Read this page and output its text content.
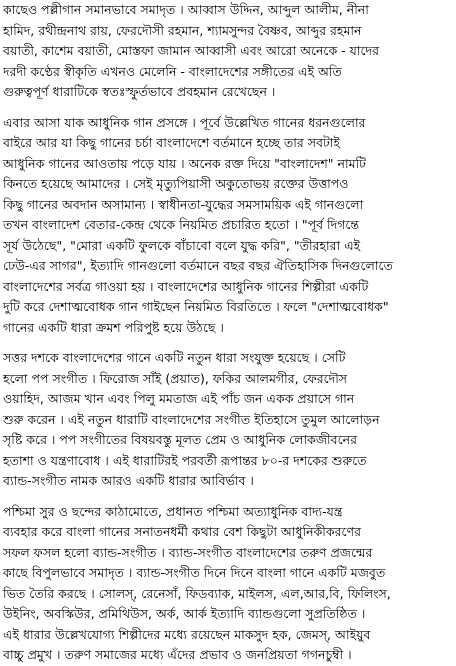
কাছেও পল্লীগান সমানভাবে সমাদৃত । আব্বাস উদ্দিন, আব্দুল আলীম, নীনা
হামিদ, রথীন্দ্রনাথ রায়, ফেরদৌসী রহমান, শ্যামসুন্দর বৈষ্ণব, আব্দুর রহমান
বয়াতী, কাশেম বয়াতী, মোস্তফা জামান আব্বাসী এবং আরো অনেকে - যাদের
দরদী কণ্ঠের স্বীকৃতি এখনও মেলেনি - বাংলাদেশের সঙ্গীতের এই অতি
গুরুত্বপূর্ণ ধারাটিকে স্বতঃস্ফুর্তভাবে প্রবহমান রেখেছেন ।
এবার আসা যাক আধুনিক গান প্রসঙ্গে । পূর্বে উল্লেখিত গানের ধরনগুলোর
বাইরে আর যা কিছু গানের চর্চা বাংলাদেশে বর্তমানে হচ্ছে তার সবটাই
আধুনিক গানের আওতায় পড়ে যায় । অনেক রক্ত দিয়ে "বাংলাদেশ" নামটি
কিনতে হয়েছে আমাদের । সেই মৃত্যুপিয়াসী অকুতোভয় রক্তের উত্তাপও
কিছু গানের অবদান অসামান্য । স্বাধীনতা-যুদ্ধের সমসাময়িক এই গানগুলো
তখন বাংলাদেশ বেতার-কেন্দ্র থেকে নিয়মিত প্রচারিত হতো । "পূর্ব দিগন্তে
সূর্য উঠেছে", "মোরা একটি ফুলকে বাঁচাবো বলে যুদ্ধ করি", "তীরহারা এই
ঢেউ-এর সাগর", ইত্যাদি গানগুলো বর্তমানে বছর বছর ঐতিহাসিক দিনগুলোতে
বাংলাদেশের সর্বত্র গাওয়া হয় । বাংলাদেশের আধুনিক গানের শিল্পীরা একটি
দুটি করে দেশাত্মবোধক গান গাইছেন নিয়মিত বিরতিতে । ফলে "দেশাত্মবোধক"
গানের একটি ধারা ক্রমশ পরিপুষ্ট হয়ে উঠছে ।
সত্তর দশকে বাংলাদেশের গানে একটি নতুন ধারা সংযুক্ত হয়েছে । সেটি
হলো পপ সংগীত । ফিরোজ সাঁই (প্রয়াত), ফকির আলমগীর, ফেরদৌস
ওয়াহিদ, আজম খান এবং পিলু মমতাজ এই পাঁচ জন একক প্রয়াসে গান
শুরু করেন । এই নতুন ধারাটি বাংলাদেশের সংগীত ইতিহাসে তুমুল আলোড়ন
সৃষ্টি করে । পপ সংগীতের বিষয়বস্তু মূলত প্রেম ও আধুনিক লোকজীবনের
হতাশা ও যন্ত্রণাবোধ । এই ধারাটিরই পরবর্তী রূপান্তর ৮০-র দশকের শুরুতে
ব্যান্ড-সংগীত নামক আরও একটি ধারার আবির্ভাব ।
পশ্চিমা সুর ও ছন্দের কাঠামোতে, প্রধানত পশ্চিমা অত্যাধুনিক বাদ্য-যন্ত্র
ব্যবহার করে বাংলা গানের সনাতনধর্মী কথার বেশ কিছুটা আধুনিকীকরণের
সফল ফসল হলো ব্যান্ড-সংগীত । ব্যান্ড-সংগীত বাংলাদেশের তরুণ প্রজন্মের
কাছে বিপুলভাবে সমাদৃত । ব্যান্ড-সংগীত দিনে দিনে বাংলা গানে একটি মজবুত
ভিত তৈরি করছে । সোলস্, রেনেসাঁ, ফিডব্যাক, মাইলস, এল,আর,বি, ফিলিংস,
উইনিং, অবস্কিউর, প্রমিথিউস, অর্ক, আর্ক ইত্যাদি ব্যান্ডগুলো সুপ্রতিষ্ঠিত ।
এই ধারার উল্লেখযোগ্য শিল্পীদের মধ্যে রয়েছেন মাকসুদ হক, জেমস্, আইয়ুব
বাচ্চু প্রমুখ । তরুণ সমাজের মধ্যে এঁদের প্রভাব ও জনপ্রিয়তা গগনচুম্বী ।
